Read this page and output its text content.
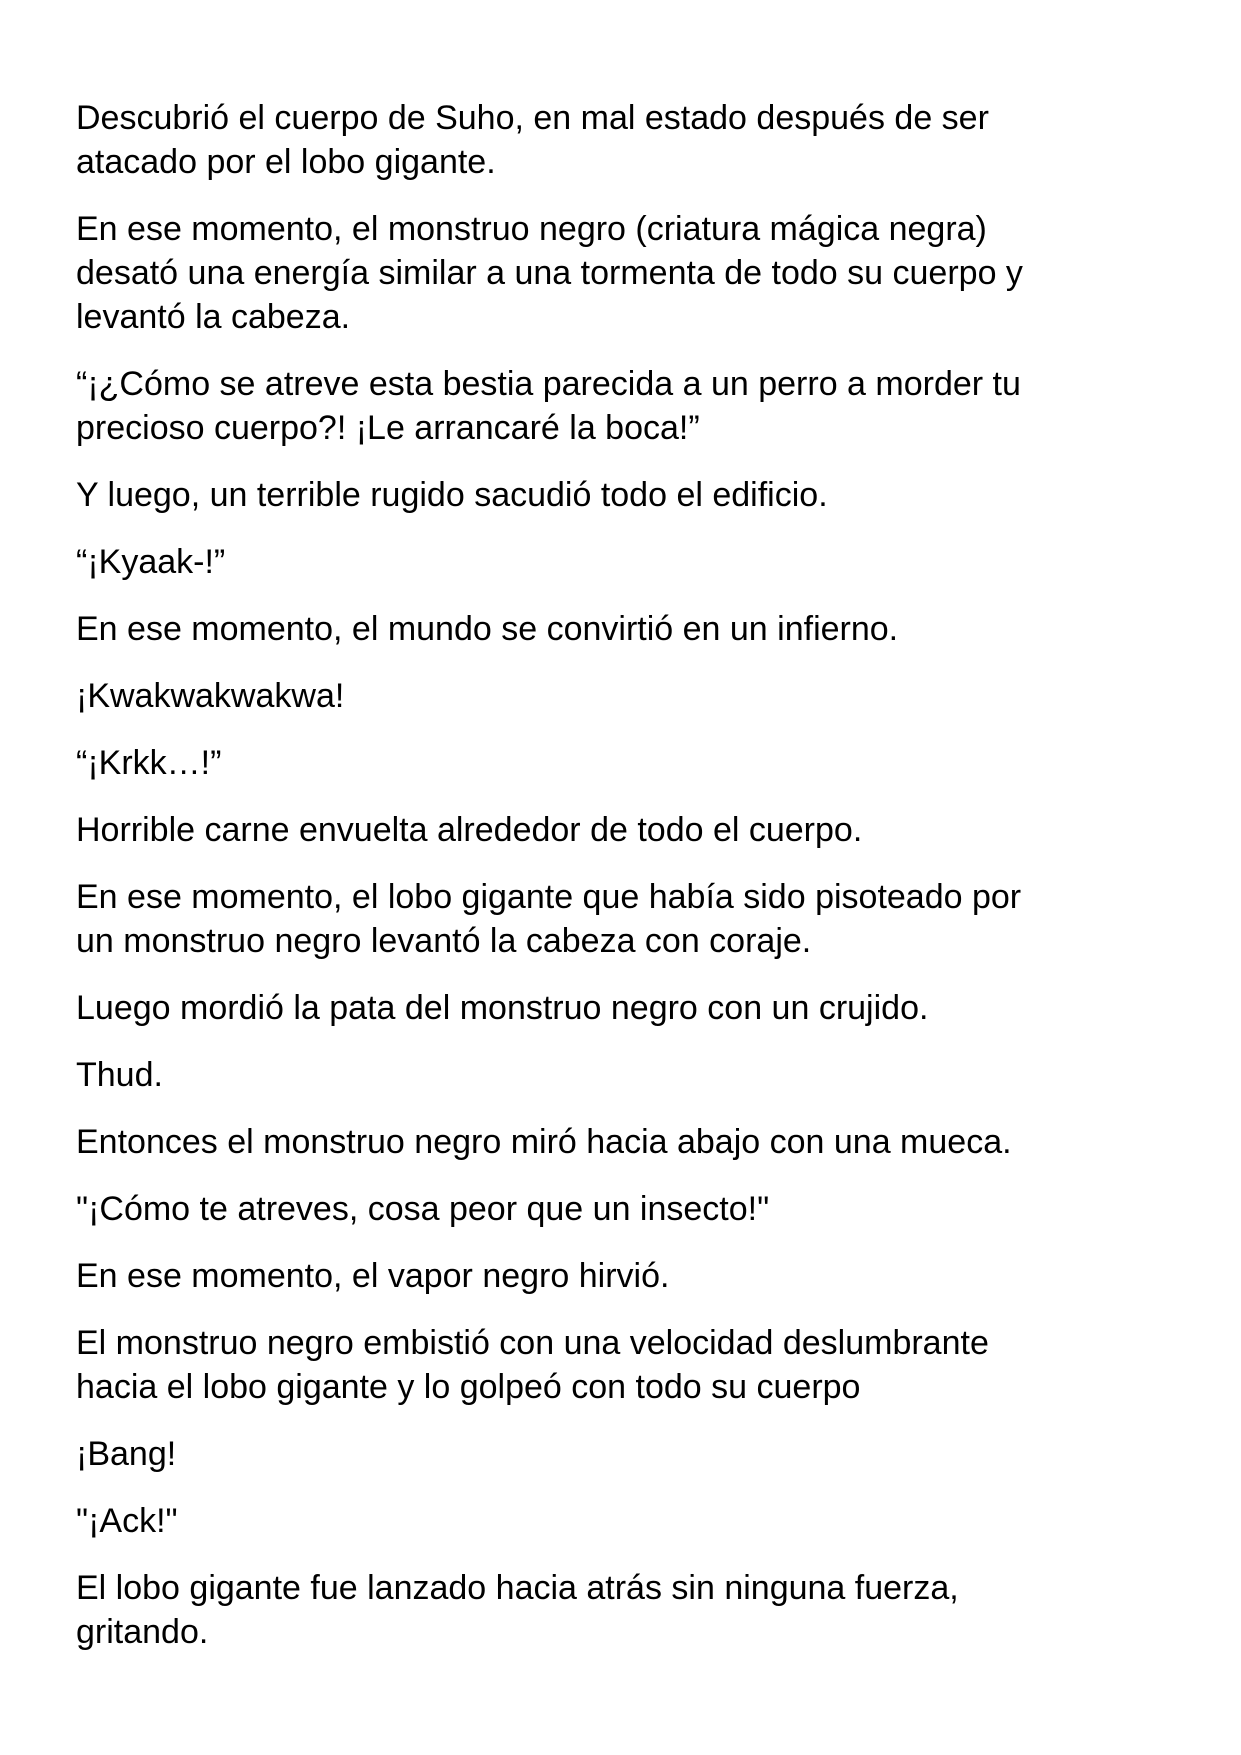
Descubrió el cuerpo de Suho, en mal estado después de ser
atacado por el lobo gigante.

En ese momento, el monstruo negro (criatura mágica negra)
desató una energía similar a una tormenta de todo su cuerpo y
levantó la cabeza.

“¡¿Cómo se atreve esta bestia parecida a un perro a morder tu
precioso cuerpo?! ¡Le arrancaré la boca!”

Y luego, un terrible rugido sacudió todo el edificio.

“¡Kyaak-!”

En ese momento, el mundo se convirtió en un infierno.

¡Kwakwakwakwa!

“¡Krkk…!”

Horrible carne envuelta alrededor de todo el cuerpo.

En ese momento, el lobo gigante que había sido pisoteado por
un monstruo negro levantó la cabeza con coraje.

Luego mordió la pata del monstruo negro con un crujido.

Thud.

Entonces el monstruo negro miró hacia abajo con una mueca.

"¡Cómo te atreves, cosa peor que un insecto!"

En ese momento, el vapor negro hirvió.

El monstruo negro embistió con una velocidad deslumbrante
hacia el lobo gigante y lo golpeó con todo su cuerpo

¡Bang!

"¡Ack!"

El lobo gigante fue lanzado hacia atrás sin ninguna fuerza,
gritando.
